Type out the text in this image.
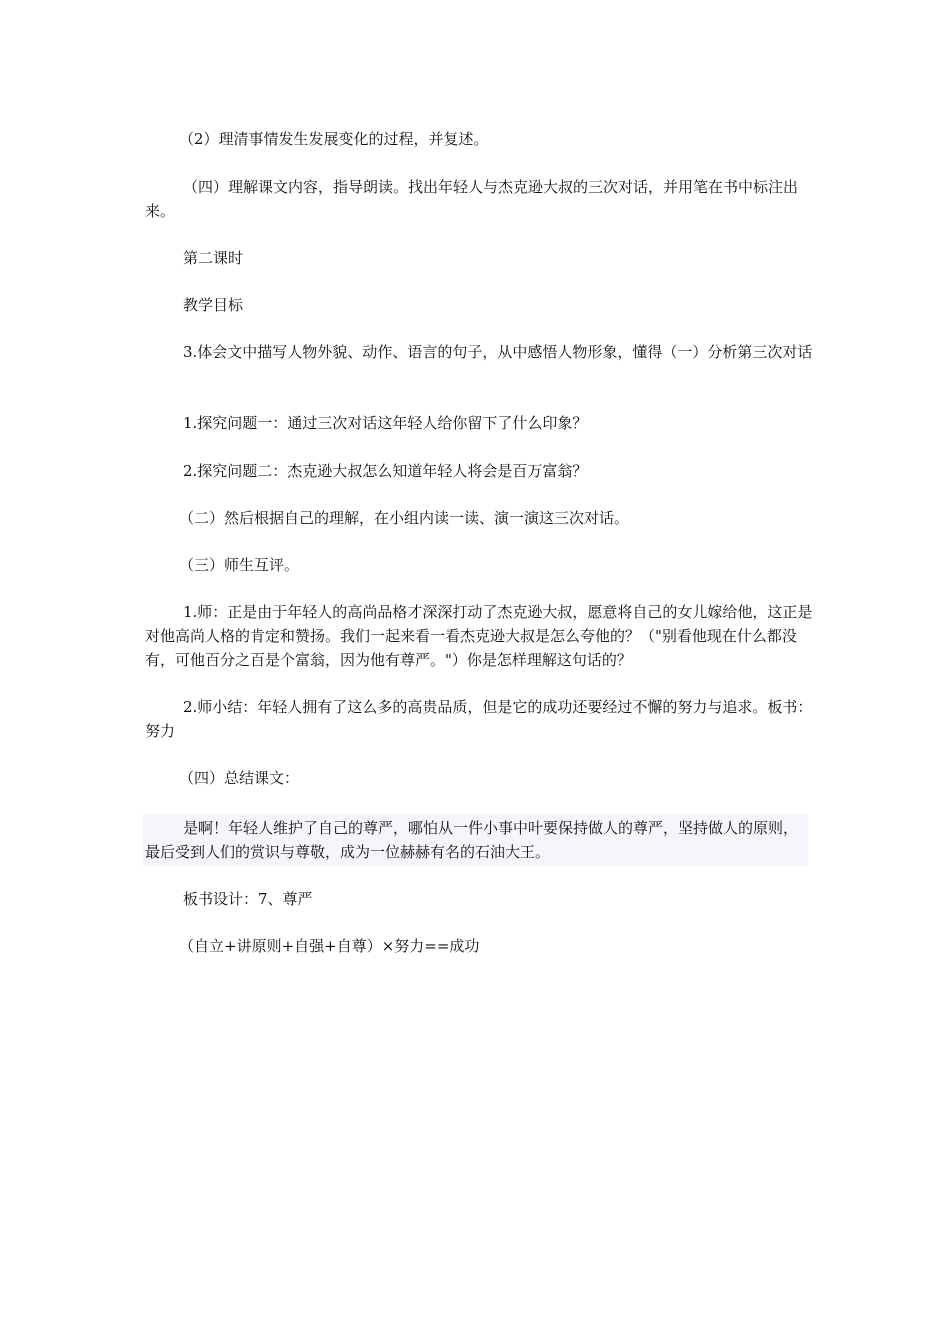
（2）理清事情发生发展变化的过程，并复述。

（四）理解课文内容，指导朗读。找出年轻人与杰克逊大叔的三次对话，并用笔在书中标注出来。

第二课时

教学目标

3.体会文中描写人物外貌、动作、语言的句子，从中感悟人物形象，懂得（一）分析第三次对话

1.探究问题一：通过三次对话这年轻人给你留下了什么印象？

2.探究问题二：杰克逊大叔怎么知道年轻人将会是百万富翁？

（二）然后根据自己的理解，在小组内读一读、演一演这三次对话。

（三）师生互评。

1.师：正是由于年轻人的高尚品格才深深打动了杰克逊大叔，愿意将自己的女儿嫁给他，这正是对他高尚人格的肯定和赞扬。我们一起来看一看杰克逊大叔是怎么夸他的？（"别看他现在什么都没有，可他百分之百是个富翁，因为他有尊严。"）你是怎样理解这句话的？

2.师小结：年轻人拥有了这么多的高贵品质，但是它的成功还要经过不懈的努力与追求。板书：努力

（四）总结课文：

是啊！年轻人维护了自己的尊严，哪怕从一件小事中叶要保持做人的尊严，坚持做人的原则，最后受到人们的赏识与尊敬，成为一位赫赫有名的石油大王。

板书设计：7、尊严

（自立+讲原则+自强+自尊）×努力==成功
